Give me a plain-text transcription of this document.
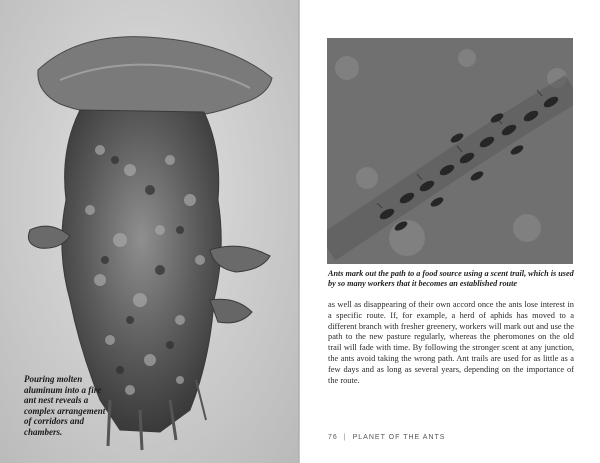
Pouring molten aluminum into a fire ant nest reveals a complex arrangement of corridors and chambers.
Ants mark out the path to a food source using a scent trail, which is used by so many workers that it becomes an established route
as well as disappearing of their own accord once the ants lose interest in a specific route. If, for example, a herd of aphids has moved to a different branch with fresher greenery, workers will mark out and use the path to the new pasture regularly, whereas the pheromones on the old trail will fade with time. By following the stronger scent at any junction, the ants avoid taking the wrong path. Ant trails are used for as little as a few days and as long as several years, depending on the importance of the route.
76 | PLANET OF THE ANTS
